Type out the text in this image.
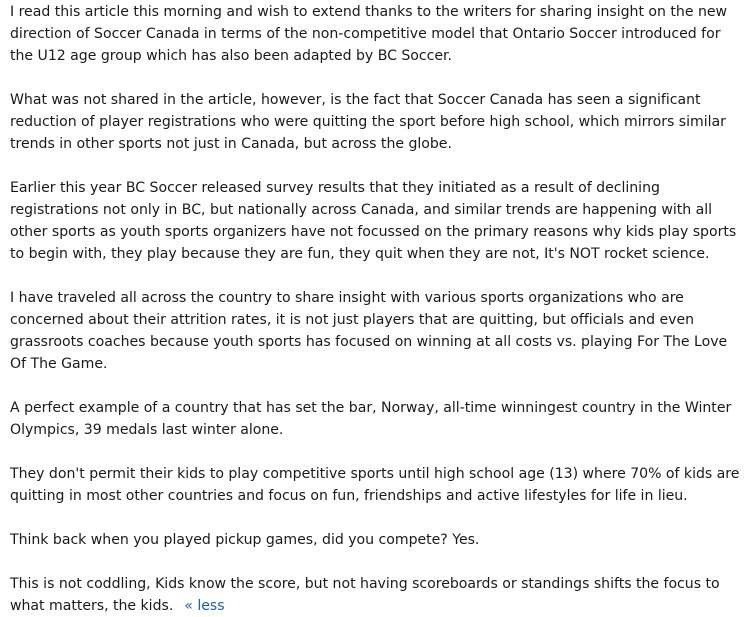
I read this article this morning and wish to extend thanks to the writers for sharing insight on the new direction of Soccer Canada in terms of the non-competitive model that Ontario Soccer introduced for the U12 age group which has also been adapted by BC Soccer.

What was not shared in the article, however, is the fact that Soccer Canada has seen a significant reduction of player registrations who were quitting the sport before high school, which mirrors similar trends in other sports not just in Canada, but across the globe.

Earlier this year BC Soccer released survey results that they initiated as a result of declining registrations not only in BC, but nationally across Canada, and similar trends are happening with all other sports as youth sports organizers have not focussed on the primary reasons why kids play sports to begin with, they play because they are fun, they quit when they are not, It's NOT rocket science.

I have traveled all across the country to share insight with various sports organizations who are concerned about their attrition rates, it is not just players that are quitting, but officials and even grassroots coaches because youth sports has focused on winning at all costs vs. playing For The Love Of The Game.

A perfect example of a country that has set the bar, Norway, all-time winningest country in the Winter Olympics, 39 medals last winter alone.

They don't permit their kids to play competitive sports until high school age (13) where 70% of kids are quitting in most other countries and focus on fun, friendships and active lifestyles for life in lieu.

Think back when you played pickup games, did you compete? Yes.

This is not coddling, Kids know the score, but not having scoreboards or standings shifts the focus to what matters, the kids. « less
